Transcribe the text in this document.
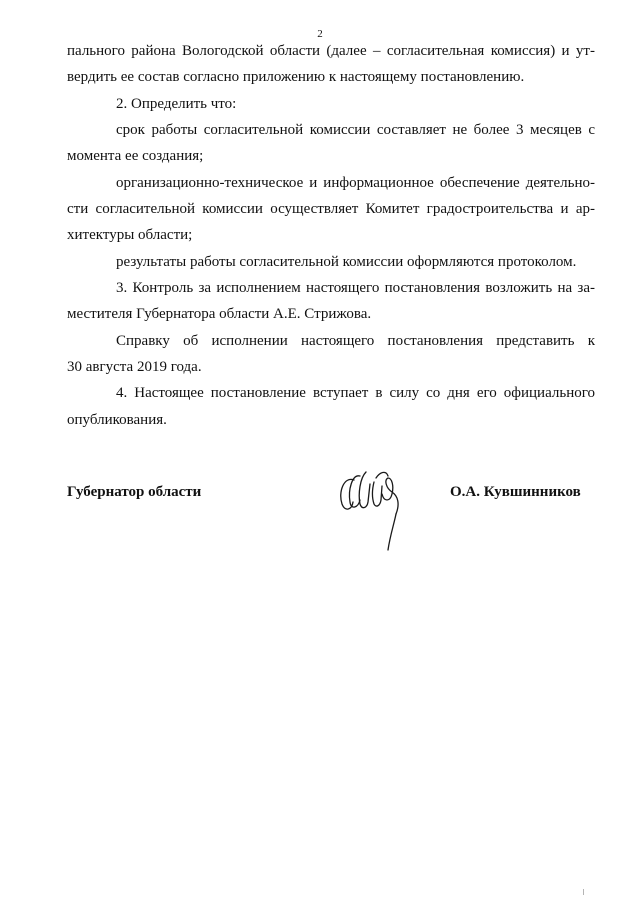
2

пального района Вологодской области (далее – согласительная комиссия) и ут-

вердить ее состав согласно приложению к настоящему постановлению.

2. Определить что:

срок работы согласительной комиссии составляет не более 3 месяцев с

момента ее создания;

организационно-техническое и информационное обеспечение деятельно-

сти согласительной комиссии осуществляет Комитет градостроительства и ар-

хитектуры области;

результаты работы согласительной комиссии оформляются протоколом.

3. Контроль за исполнением настоящего постановления возложить на за-

местителя Губернатора области А.Е. Стрижова.

Справку об исполнении настоящего постановления представить к

30 августа 2019 года.

4. Настоящее постановление вступает в силу со дня его официального

опубликования.

Губернатор области	О.А. Кувшинников
